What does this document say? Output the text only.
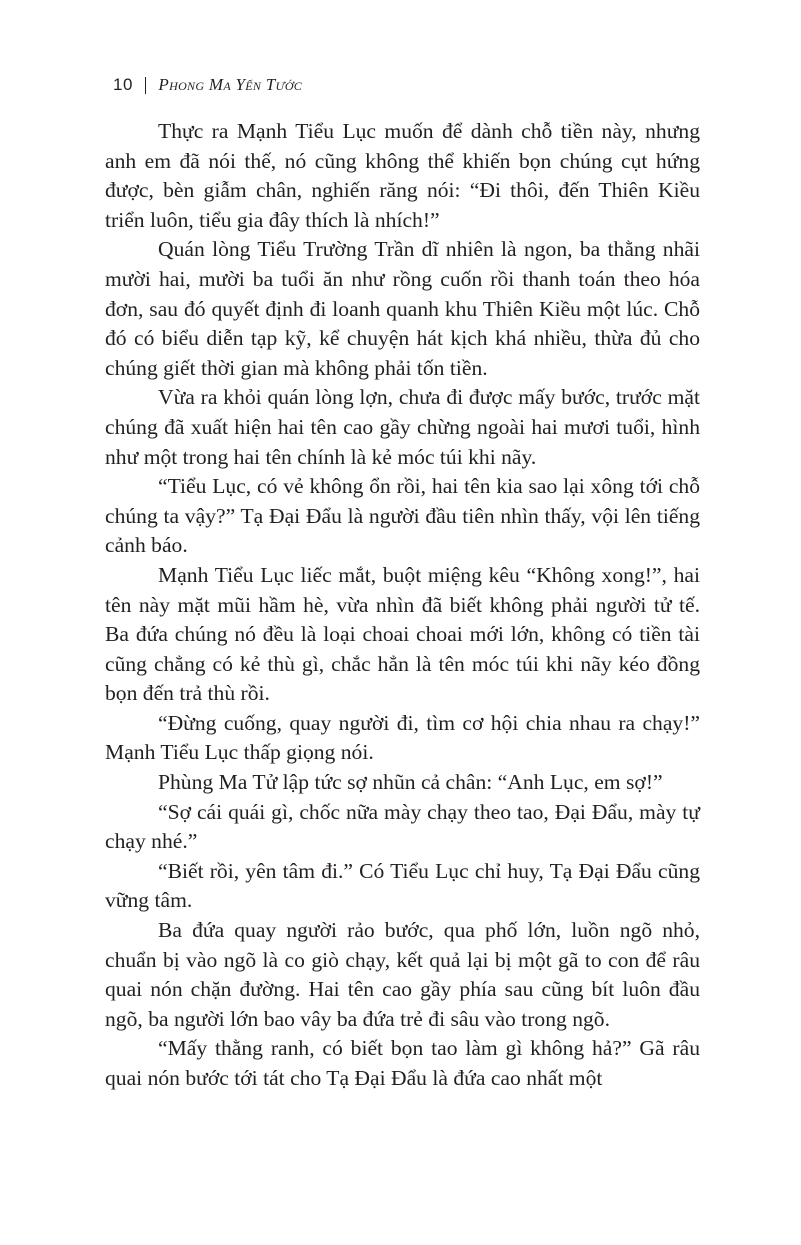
10 Phong Ma Yến Tước

Thực ra Mạnh Tiểu Lục muốn để dành chỗ tiền này, nhưng anh em đã nói thế, nó cũng không thể khiến bọn chúng cụt hứng được, bèn giẫm chân, nghiến răng nói: “Đi thôi, đến Thiên Kiều triển luôn, tiểu gia đây thích là nhích!”

Quán lòng Tiểu Trường Trần dĩ nhiên là ngon, ba thằng nhãi mười hai, mười ba tuổi ăn như rồng cuốn rồi thanh toán theo hóa đơn, sau đó quyết định đi loanh quanh khu Thiên Kiều một lúc. Chỗ đó có biểu diễn tạp kỹ, kể chuyện hát kịch khá nhiều, thừa đủ cho chúng giết thời gian mà không phải tốn tiền.

Vừa ra khỏi quán lòng lợn, chưa đi được mấy bước, trước mặt chúng đã xuất hiện hai tên cao gầy chừng ngoài hai mươi tuổi, hình như một trong hai tên chính là kẻ móc túi khi nãy.

“Tiểu Lục, có vẻ không ổn rồi, hai tên kia sao lại xông tới chỗ chúng ta vậy?” Tạ Đại Đẩu là người đầu tiên nhìn thấy, vội lên tiếng cảnh báo.

Mạnh Tiểu Lục liếc mắt, buột miệng kêu “Không xong!”, hai tên này mặt mũi hầm hè, vừa nhìn đã biết không phải người tử tế. Ba đứa chúng nó đều là loại choai choai mới lớn, không có tiền tài cũng chẳng có kẻ thù gì, chắc hẳn là tên móc túi khi nãy kéo đồng bọn đến trả thù rồi.

“Đừng cuống, quay người đi, tìm cơ hội chia nhau ra chạy!” Mạnh Tiểu Lục thấp giọng nói.

Phùng Ma Tử lập tức sợ nhũn cả chân: “Anh Lục, em sợ!”

“Sợ cái quái gì, chốc nữa mày chạy theo tao, Đại Đẩu, mày tự chạy nhé.”

“Biết rồi, yên tâm đi.” Có Tiểu Lục chỉ huy, Tạ Đại Đẩu cũng vững tâm.

Ba đứa quay người rảo bước, qua phố lớn, luồn ngõ nhỏ, chuẩn bị vào ngõ là co giò chạy, kết quả lại bị một gã to con để râu quai nón chặn đường. Hai tên cao gầy phía sau cũng bít luôn đầu ngõ, ba người lớn bao vây ba đứa trẻ đi sâu vào trong ngõ.

“Mấy thằng ranh, có biết bọn tao làm gì không hả?” Gã râu quai nón bước tới tát cho Tạ Đại Đẩu là đứa cao nhất một
